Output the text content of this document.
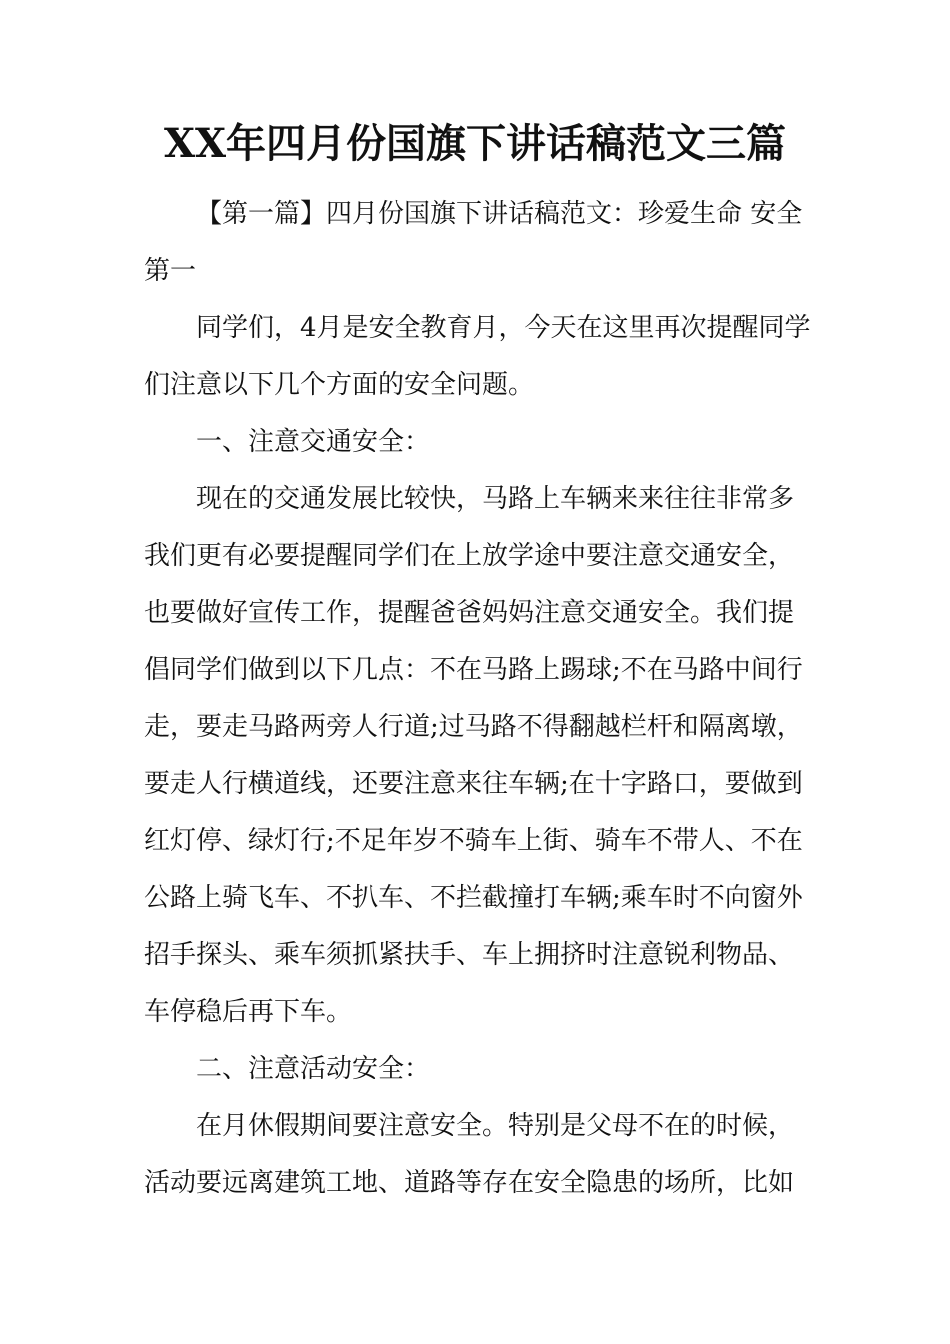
XX年四月份国旗下讲话稿范文三篇
【第一篇】四月份国旗下讲话稿范文：珍爱生命 安全
第一
同学们，4月是安全教育月，今天在这里再次提醒同学
们注意以下几个方面的安全问题。
一、注意交通安全：
现在的交通发展比较快，马路上车辆来来往往非常多
我们更有必要提醒同学们在上放学途中要注意交通安全，
也要做好宣传工作，提醒爸爸妈妈注意交通安全。我们提
倡同学们做到以下几点：不在马路上踢球;不在马路中间行
走，要走马路两旁人行道;过马路不得翻越栏杆和隔离墩，
要走人行横道线，还要注意来往车辆;在十字路口，要做到
红灯停、绿灯行;不足年岁不骑车上街、骑车不带人、不在
公路上骑飞车、不扒车、不拦截撞打车辆;乘车时不向窗外
招手探头、乘车须抓紧扶手、车上拥挤时注意锐利物品、
车停稳后再下车。
二、注意活动安全：
在月休假期间要注意安全。特别是父母不在的时候，
活动要远离建筑工地、道路等存在安全隐患的场所，比如
